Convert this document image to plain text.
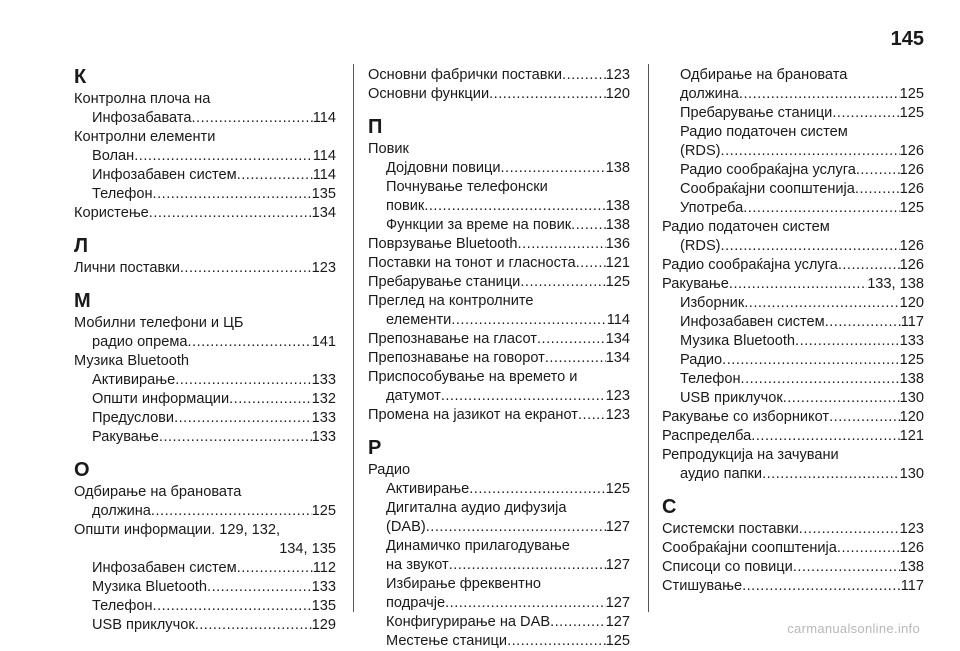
145
К
Контролна плоча на
Инфозабавата .....	114
Контролни елементи
Волан .....	114
Инфозабавен систем .....	114
Телефон .....	135
Користење .....	134
Л
Лични поставки .....	123
М
Мобилни телефони и ЦБ
радио опрема .....	141
Музика Bluetooth
Активирање .....	133
Општи информации .....	132
Предуслови .....	133
Ракување .....	133
О
Одбирање на брановата
должина .....	125
Општи информации. 129, 132,
134, 135
Инфозабавен систем .....	112
Музика Bluetooth .....	133
Телефон .....	135
USB приклучок .....	129
Основни фабрички поставки .....	123
Основни функции .....	120
П
Повик
Дојдовни повици .....	138
Почнување телефонски
повик .....	138
Функции за време на повик ..... 138
Поврзување Bluetooth .....	136
Поставки на тонот и гласноста ..... 121
Пребарување станици .....	125
Преглед на контролните
елементи .....	114
Препознавање на гласот .....	134
Препознавање на говорот .....	134
Приспособување на времето и
датумот .....	123
Промена на јазикот на екранот ..... 123
Р
Радио
Активирање .....	125
Дигитална аудио дифузија
(DAB) .....	127
Динамичко прилагодување
на звукот .....	127
Избирање фреквентно
подрачје .....	127
Конфигурирање на DAB .....	127
Местење станици .....	125
Одбирање на брановата
должина .....	125
Пребарување станици .....	125
Радио податочен систем
(RDS) .....	126
Радио сообраќајна услуга .....	126
Сообраќајни соопштенија .....	126
Употреба .....	125
Радио податочен систем
(RDS) .....	126
Радио сообраќајна услуга .....	126
Ракување .....	133, 138
Изборник .....	120
Инфозабавен систем .....	117
Музика Bluetooth .....	133
Радио .....	125
Телефон .....	138
USB приклучок .....	130
Ракување со изборникот .....	120
Распределба .....	121
Репродукција на зачувани
аудио папки .....	130
С
Системски поставки .....	123
Сообраќајни соопштенија .....	126
Списоци со повици .....	138
Стишување .....	117
carmanualsonline.info
